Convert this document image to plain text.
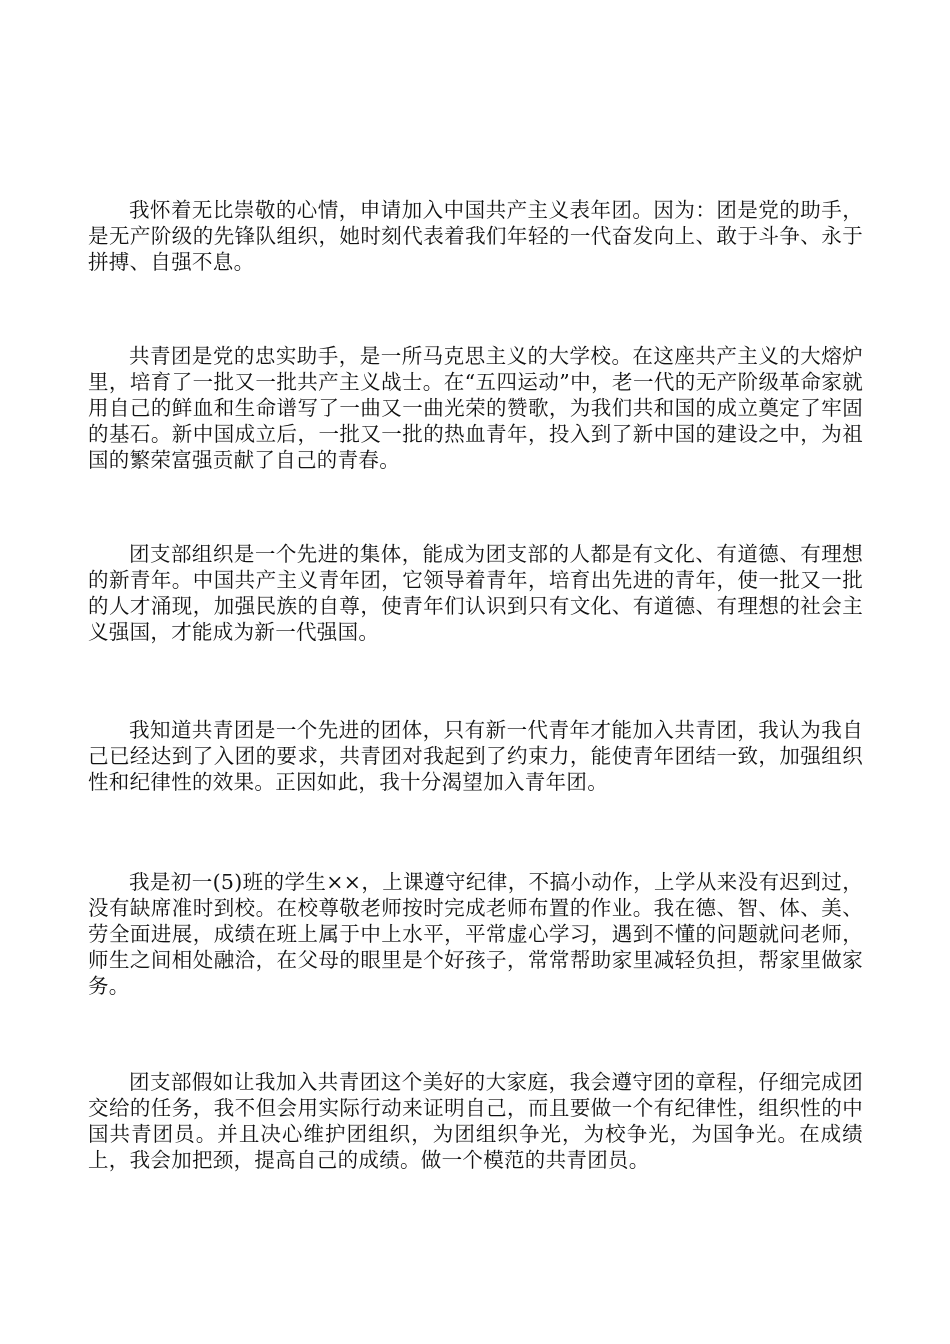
我怀着无比崇敬的心情，申请加入中国共产主义表年团。因为：团是党的助手，是无产阶级的先锋队组织，她时刻代表着我们年轻的一代奋发向上、敢于斗争、永于拼搏、自强不息。

共青团是党的忠实助手，是一所马克思主义的大学校。在这座共产主义的大熔炉里，培育了一批又一批共产主义战士。在“五四运动”中，老一代的无产阶级革命家就用自己的鲜血和生命谱写了一曲又一曲光荣的赞歌，为我们共和国的成立奠定了牢固的基石。新中国成立后，一批又一批的热血青年，投入到了新中国的建设之中，为祖国的繁荣富强贡献了自己的青春。

团支部组织是一个先进的集体，能成为团支部的人都是有文化、有道德、有理想的新青年。中国共产主义青年团，它领导着青年，培育出先进的青年，使一批又一批的人才涌现，加强民族的自尊，使青年们认识到只有文化、有道德、有理想的社会主义强国，才能成为新一代强国。

我知道共青团是一个先进的团体，只有新一代青年才能加入共青团，我认为我自己已经达到了入团的要求，共青团对我起到了约束力，能使青年团结一致，加强组织性和纪律性的效果。正因如此，我十分渴望加入青年团。

我是初一(5)班的学生××，上课遵守纪律，不搞小动作，上学从来没有迟到过，没有缺席准时到校。在校尊敬老师按时完成老师布置的作业。我在德、智、体、美、劳全面进展，成绩在班上属于中上水平，平常虚心学习，遇到不懂的问题就问老师，师生之间相处融洽，在父母的眼里是个好孩子，常常帮助家里减轻负担，帮家里做家务。

团支部假如让我加入共青团这个美好的大家庭，我会遵守团的章程，仔细完成团交给的任务，我不但会用实际行动来证明自己，而且要做一个有纪律性，组织性的中国共青团员。并且决心维护团组织，为团组织争光，为校争光，为国争光。在成绩上，我会加把颈，提高自己的成绩。做一个模范的共青团员。
